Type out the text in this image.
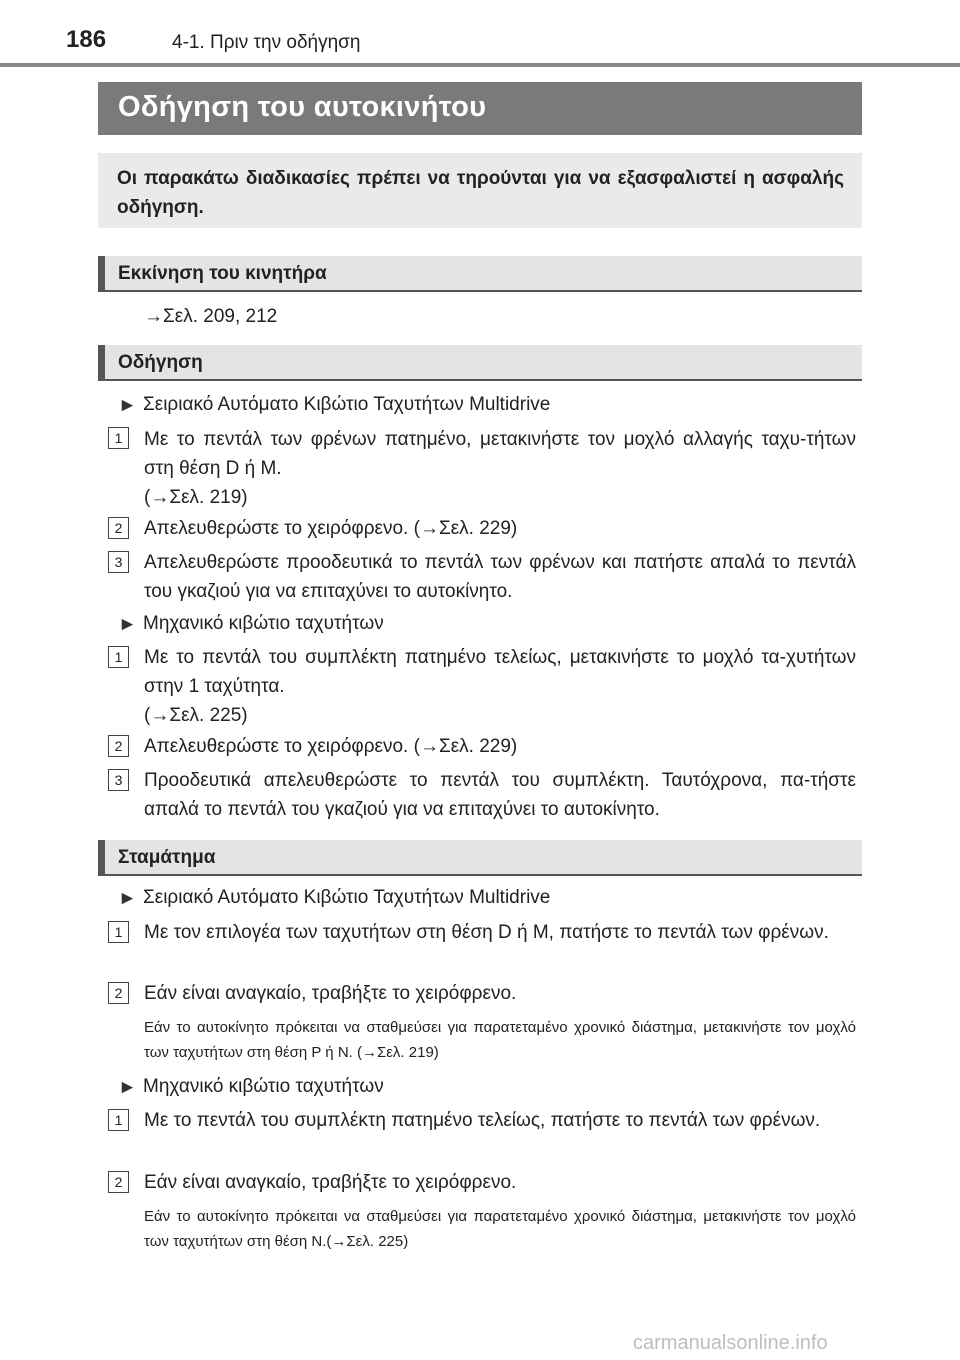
186	4-1. Πριν την οδήγηση
Οδήγηση του αυτοκινήτου
Οι παρακάτω διαδικασίες πρέπει να τηρούνται για να εξασφαλιστεί η ασφαλής οδήγηση.
Εκκίνηση του κινητήρα
→Σελ. 209, 212
Οδήγηση
► Σειριακό Αυτόματο Κιβώτιο Ταχυτήτων Multidrive
1	Με το πεντάλ των φρένων πατημένο, μετακινήστε τον μοχλό αλλαγής ταχυ-τήτων στη θέση D ή M.
(→Σελ. 219)
2	Απελευθερώστε το χειρόφρενο. (→Σελ. 229)
3	Απελευθερώστε προοδευτικά το πεντάλ των φρένων και πατήστε απαλά το πεντάλ του γκαζιού για να επιταχύνει το αυτοκίνητο.
► Μηχανικό κιβώτιο ταχυτήτων
1	Με το πεντάλ του συμπλέκτη πατημένο τελείως, μετακινήστε το μοχλό τα-χυτήτων στην 1 ταχύτητα.
(→Σελ. 225)
2	Απελευθερώστε το χειρόφρενο. (→Σελ. 229)
3	Προοδευτικά απελευθερώστε το πεντάλ του συμπλέκτη. Ταυτόχρονα, πα-τήστε απαλά το πεντάλ του γκαζιού για να επιταχύνει το αυτοκίνητο.
Σταμάτημα
► Σειριακό Αυτόματο Κιβώτιο Ταχυτήτων Multidrive
1	Με τον επιλογέα των ταχυτήτων στη θέση D ή M, πατήστε το πεντάλ των φρένων.
2	Εάν είναι αναγκαίο, τραβήξτε το χειρόφρενο.
Εάν το αυτοκίνητο πρόκειται να σταθμεύσει για παρατεταμένο χρονικό διάστημα, μετακινήστε τον μοχλό των ταχυτήτων στη θέση P ή N. (→Σελ. 219)
► Μηχανικό κιβώτιο ταχυτήτων
1	Με το πεντάλ του συμπλέκτη πατημένο τελείως, πατήστε το πεντάλ των φρένων.
2	Εάν είναι αναγκαίο, τραβήξτε το χειρόφρενο.
Εάν το αυτοκίνητο πρόκειται να σταθμεύσει για παρατεταμένο χρονικό διάστημα, μετακινήστε τον μοχλό των ταχυτήτων στη θέση N.(→Σελ. 225)
carmanualsonline.info
